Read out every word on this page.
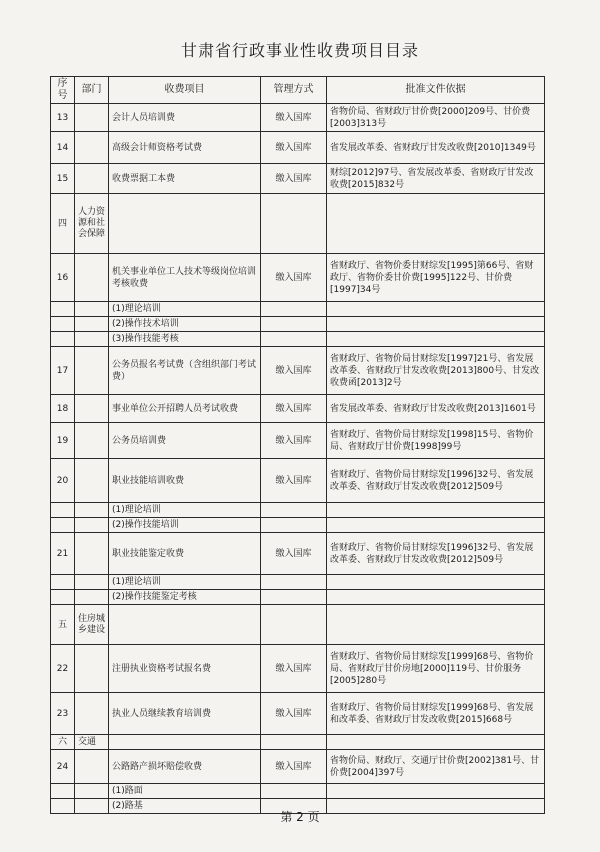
甘肃省行政事业性收费项目目录
序号	部门	收费项目	管理方式	批准文件依据
13		会计人员培训费	缴入国库	省物价局、省财政厅甘价费[2000]209号、甘价费[2003]313号
14		高级会计师资格考试费	缴入国库	省发展改革委、省财政厅甘发改收费[2010]1349号
15		收费票据工本费	缴入国库	财综[2012]97号、省发展改革委、省财政厅甘发改收费[2015]832号
四	人力资源和社会保障			
16		机关事业单位工人技术等级岗位培训考核收费	缴入国库	省财政厅、省物价委甘财综发[1995]第66号、省财政厅、省物价委甘价费[1995]122号、甘价费[1997]34号
		(1)理论培训		
		(2)操作技术培训		
		(3)操作技能考核		
17		公务员报名考试费（含组织部门考试费）	缴入国库	省财政厅、省物价局甘财综发[1997]21号、省发展改革委、省财政厅甘发改收费[2013]800号、甘发改收费函[2013]2号
18		事业单位公开招聘人员考试收费	缴入国库	省发展改革委、省财政厅甘发改收费[2013]1601号
19		公务员培训费	缴入国库	省财政厅、省物价局甘财综发[1998]15号、省物价局、省财政厅甘价费[1998]99号
20		职业技能培训收费	缴入国库	省财政厅、省物价局甘财综发[1996]32号、省发展改革委、省财政厅甘发改收费[2012]509号
		(1)理论培训		
		(2)操作技能培训		
21		职业技能鉴定收费	缴入国库	省财政厅、省物价局甘财综发[1996]32号、省发展改革委、省财政厅甘发改收费[2012]509号
		(1)理论培训		
		(2)操作技能鉴定考核		
五	住房城乡建设			
22		注册执业资格考试报名费	缴入国库	省财政厅、省物价局甘财综发[1999]68号、省物价局、省财政厅甘价房地[2000]119号、甘价服务[2005]280号
23		执业人员继续教育培训费	缴入国库	省财政厅、省物价局甘财综发[1999]68号、省发展和改革委、省财政厅甘发改收费[2015]668号
六	交通			
24		公路路产损坏赔偿收费	缴入国库	省物价局、财政厅、交通厅甘价费[2002]381号、甘价费[2004]397号
		(1)路面		
		(2)路基		
第 2 页
